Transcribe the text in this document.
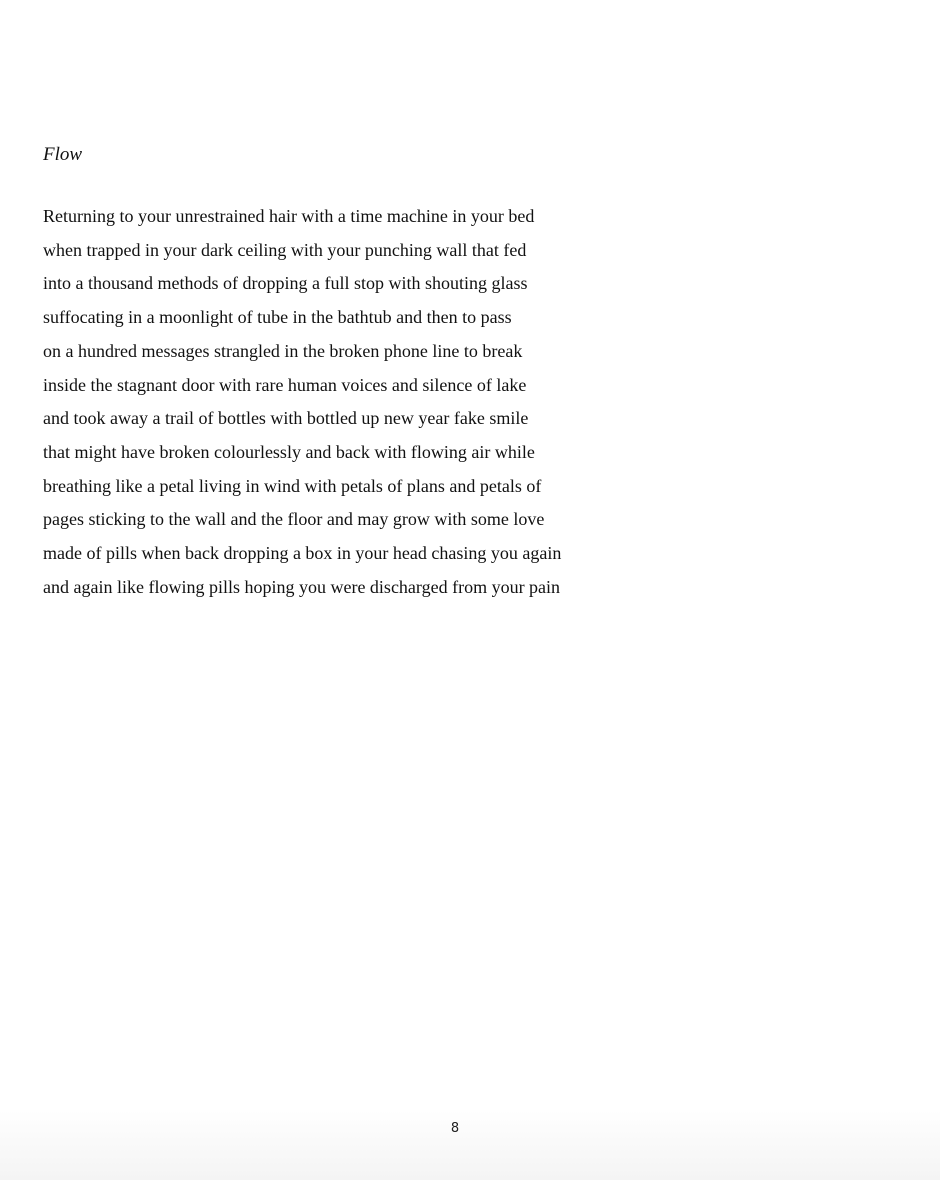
Flow
Returning to your unrestrained hair with a time machine in your bed
when trapped in your dark ceiling with your punching wall that fed
into a thousand methods of dropping a full stop with shouting glass
suffocating in a moonlight of tube in the bathtub and then to pass
on a hundred messages strangled in the broken phone line to break
inside the stagnant door with rare human voices and silence of lake
and took away a trail of bottles with bottled up new year fake smile
that might have broken colourlessly and back with flowing air while
breathing like a petal living in wind with petals of plans and petals of
pages sticking to the wall and the floor and may grow with some love
made of pills when back dropping a box in your head chasing you again
and again like flowing pills hoping you were discharged from your pain
8
